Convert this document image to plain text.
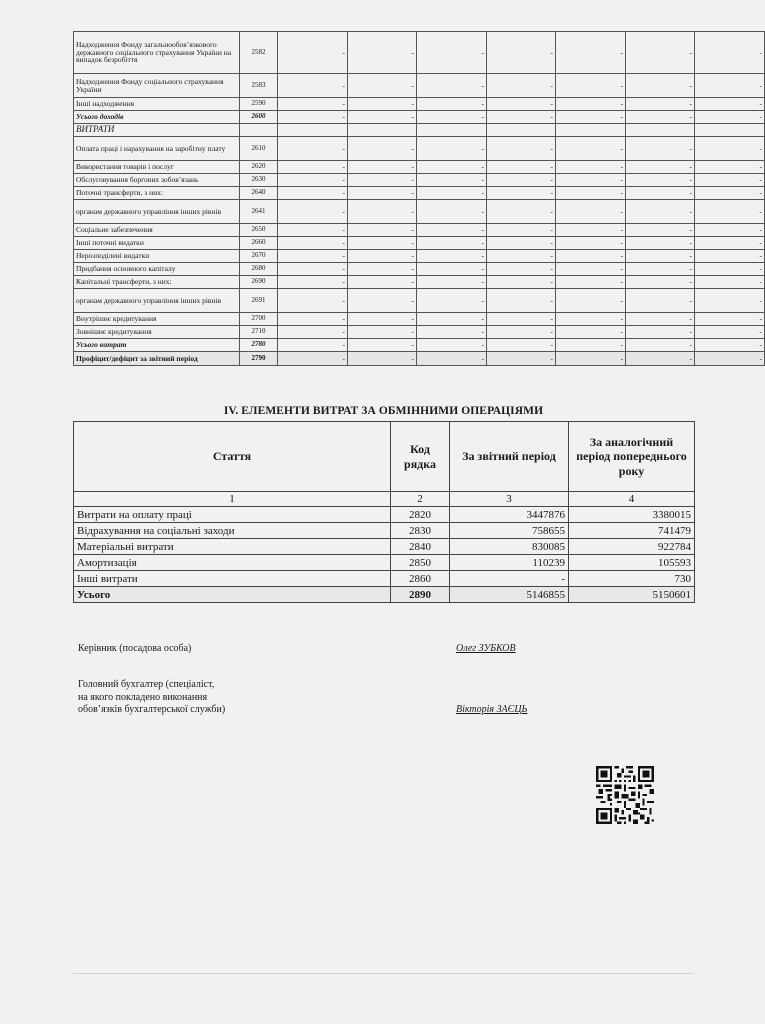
Надходження Фонду загальнообов’язкового державного соціального страхування України на випадок безробіття	2582	-	-	-	-	-	-	-
Надходження Фонду соціального страхування України	2583	-	-	-	-	-	-	-
Інші надходження	2590	-	-	-	-	-	-	-
Усього доходів	2600	-	-	-	-	-	-	-
ВИТРАТИ								
Оплата праці і нарахування на заробітну плату	2610	-	-	-	-	-	-	-
Використання товарів і послуг	2620	-	-	-	-	-	-	-
Обслуговування боргових зобов’язань	2630	-	-	-	-	-	-	-
Поточні трансферти, з них:	2640	-	-	-	-	-	-	-
органам державного управління інших рівнів	2641	-	-	-	-	-	-	-
Соціальне забезпечення	2650	-	-	-	-	-	-	-
Інші поточні видатки	2660	-	-	-	-	-	-	-
Нерозподілені видатки	2670	-	-	-	-	-	-	-
Придбання основного капіталу	2680	-	-	-	-	-	-	-
Капітальні трансферти, з них:	2690	-	-	-	-	-	-	-
органам державного управління інших рівнів	2691	-	-	-	-	-	-	-
Внутрішнє кредитування	2700	-	-	-	-	-	-	-
Зовнішнє кредитування	2710	-	-	-	-	-	-	-
Усього витрат	2780	-	-	-	-	-	-	-
Профіцит/дефіцит за звітний період	2790	-	-	-	-	-	-	-
IV. ЕЛЕМЕНТИ ВИТРАТ ЗА ОБМІННИМИ ОПЕРАЦІЯМИ
Стаття	Код рядка	За звітний період	За аналогічний період попереднього року
1	2	3	4
Витрати на оплату праці	2820	3447876	3380015
Відрахування на соціальні заходи	2830	758655	741479
Матеріальні витрати	2840	830085	922784
Амортизація	2850	110239	105593
Інші витрати	2860	-	730
Усього	2890	5146855	5150601
Керівник (посадова особа)	Олег ЗУБКОВ
Головний бухгалтер (спеціаліст,
на якого покладено виконання
обов’язків бухгалтерської служби)	Вікторія ЗАЄЦЬ
